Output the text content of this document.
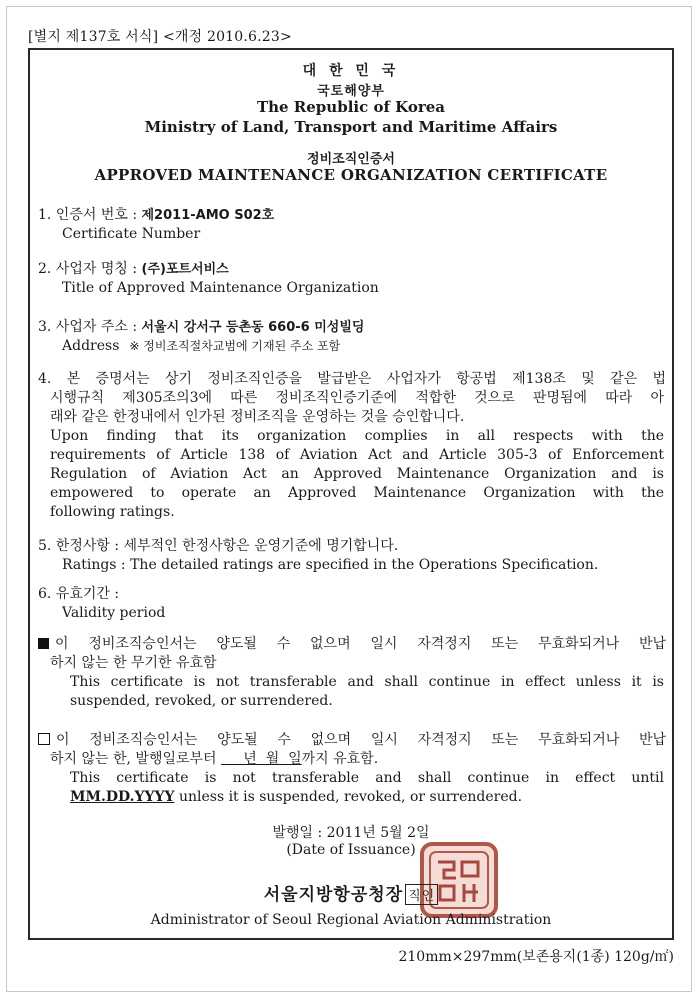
[별지 제137호 서식] <개정 2010.6.23>
대 한 민 국
국토해양부
The Republic of Korea
Ministry of Land, Transport and Maritime Affairs
정비조직인증서
APPROVED MAINTENANCE ORGANIZATION CERTIFICATE
1. 인증서 번호 : 제2011-AMO S02호
Certificate Number
2. 사업자 명칭 : (주)포트서비스
Title of Approved Maintenance Organization
3. 사업자 주소 : 서울시 강서구 등촌동 660-6 미성빌딩
Address ※ 정비조직절차교범에 기재된 주소 포함
4. 본 증명서는 상기 정비조직인증을 발급받은 사업자가 항공법 제138조 및 같은 법
시행규칙 제305조의3에 따른 정비조직인증기준에 적합한 것으로 판명됨에 따라 아
래와 같은 한정내에서 인가된 정비조직을 운영하는 것을 승인합니다.
Upon finding that its organization complies in all respects with the
requirements of Article 138 of Aviation Act and Article 305-3 of Enforcement
Regulation of Aviation Act an Approved Maintenance Organization and is
empowered to operate an Approved Maintenance Organization with the
following ratings.
5. 한정사항 : 세부적인 한정사항은 운영기준에 명기합니다.
Ratings : The detailed ratings are specified in the Operations Specification.
6. 유효기간 :
Validity period
이 정비조직승인서는 양도될 수 없으며 일시 자격정지 또는 무효화되거나 반납
하지 않는 한 무기한 유효함
This certificate is not transferable and shall continue in effect unless it is
suspended, revoked, or surrendered.
이 정비조직승인서는 양도될 수 없으며 일시 자격정지 또는 무효화되거나 반납
하지 않는 한, 발행일로부터      년  월  일까지 유효함.
This certificate is not transferable and shall continue in effect until
MM.DD.YYYY unless it is suspended, revoked, or surrendered.
발행일 : 2011년 5월 2일
(Date of Issuance)
서울지방항공청장 직인
Administrator of Seoul Regional Aviation Administration
210mm×297mm(보존용지(1종) 120g/㎡)
